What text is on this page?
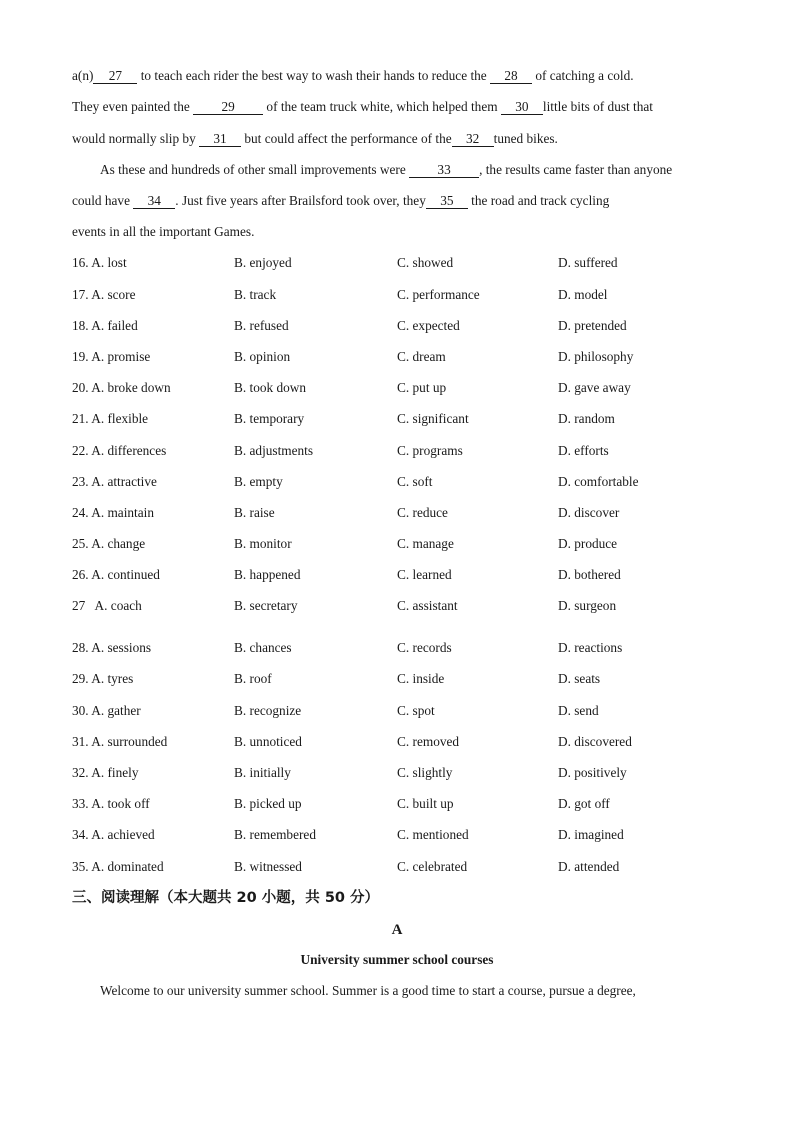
a(n) 27 to teach each rider the best way to wash their hands to reduce the 28 of catching a cold.
They even painted the 29 of the team truck white, which helped them 30 little bits of dust that
would normally slip by 31 but could affect the performance of the 32 tuned bikes.
As these and hundreds of other small improvements were 33 , the results came faster than anyone
could have 34 . Just five years after Brailsford took over, they 35 the road and track cycling
events in all the important Games.
16. A. lost	B. enjoyed	C. showed	D. suffered
17. A. score	B. track	C. performance	D. model
18. A. failed	B. refused	C. expected	D. pretended
19. A. promise	B. opinion	C. dream	D. philosophy
20. A. broke down	B. took down	C. put up	D. gave away
21. A. flexible	B. temporary	C. significant	D. random
22. A. differences	B. adjustments	C. programs	D. efforts
23. A. attractive	B. empty	C. soft	D. comfortable
24. A. maintain	B. raise	C. reduce	D. discover
25. A. change	B. monitor	C. manage	D. produce
26. A. continued	B. happened	C. learned	D. bothered
27   A. coach	B. secretary	C. assistant	D. surgeon
28. A. sessions	B. chances	C. records	D. reactions
29. A. tyres	B. roof	C. inside	D. seats
30. A. gather	B. recognize	C. spot	D. send
31. A. surrounded	B. unnoticed	C. removed	D. discovered
32. A. finely	B. initially	C. slightly	D. positively
33. A. took off	B. picked up	C. built up	D. got off
34. A. achieved	B. remembered	C. mentioned	D. imagined
35. A. dominated	B. witnessed	C. celebrated	D. attended
三、阅读理解（本大题共 20 小题，共 50 分）
A
University summer school courses
Welcome to our university summer school. Summer is a good time to start a course, pursue a degree,
